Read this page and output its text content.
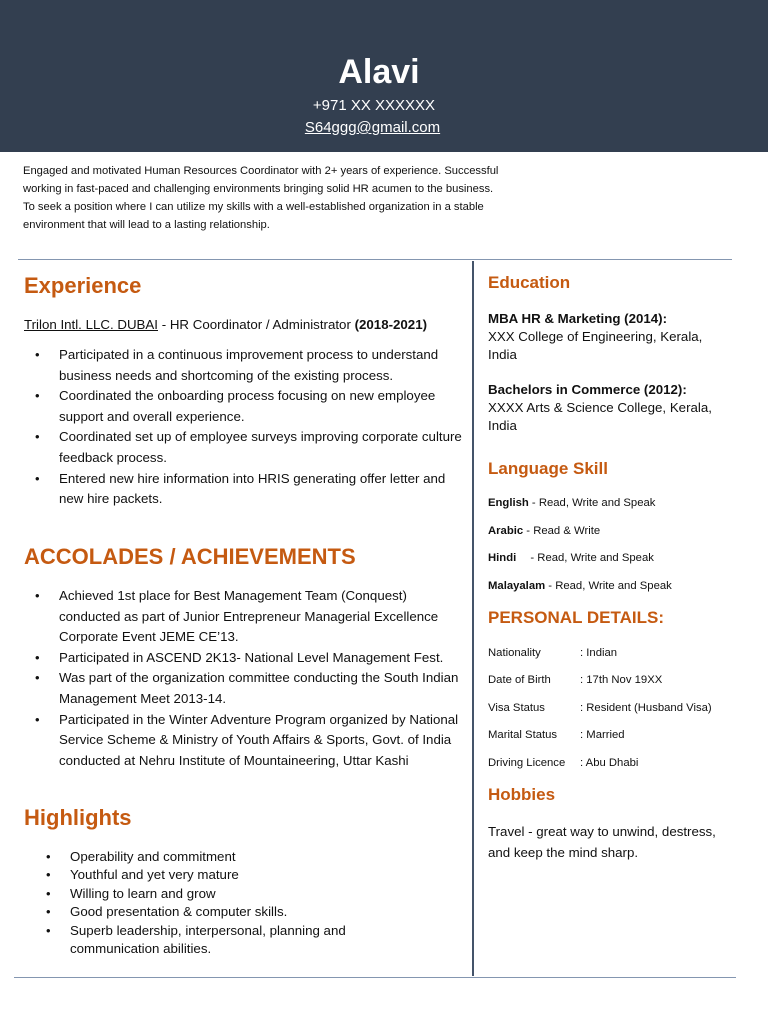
Alavi
+971 XX XXXXXX
S64ggg@gmail.com
Engaged and motivated Human Resources Coordinator with 2+ years of experience. Successful
working in fast-paced and challenging environments bringing solid HR acumen to the business.
To seek a position where I can utilize my skills with a well-established organization in a stable
environment that will lead to a lasting relationship.
Experience
Trilon Intl. LLC. DUBAI - HR Coordinator / Administrator (2018-2021)
• Participated in a continuous improvement process to understand business needs and shortcoming of the existing process.
• Coordinated the onboarding process focusing on new employee support and overall experience.
• Coordinated set up of employee surveys improving corporate culture feedback process.
• Entered new hire information into HRIS generating offer letter and new hire packets.
ACCOLADES / ACHIEVEMENTS
• Achieved 1st place for Best Management Team (Conquest) conducted as part of Junior Entrepreneur Managerial Excellence Corporate Event JEME CE’13.
• Participated in ASCEND 2K13- National Level Management Fest.
• Was part of the organization committee conducting the South Indian Management Meet 2013-14.
• Participated in the Winter Adventure Program organized by National Service Scheme & Ministry of Youth Affairs & Sports, Govt. of India conducted at Nehru Institute of Mountaineering, Uttar Kashi
Highlights
• Operability and commitment
• Youthful and yet very mature
• Willing to learn and grow
• Good presentation & computer skills.
• Superb leadership, interpersonal, planning and communication abilities.
Education
MBA HR & Marketing (2014):
XXX College of Engineering, Kerala, India
Bachelors in Commerce (2012):
XXXX Arts & Science College, Kerala, India
Language Skill
English - Read, Write and Speak
Arabic - Read & Write
Hindi - Read, Write and Speak
Malayalam - Read, Write and Speak
PERSONAL DETAILS:
Nationality	: Indian
Date of Birth	: 17th Nov 19XX
Visa Status	: Resident (Husband Visa)
Marital Status : Married
Driving Licence : Abu Dhabi
Hobbies
Travel - great way to unwind, destress, and keep the mind sharp.
